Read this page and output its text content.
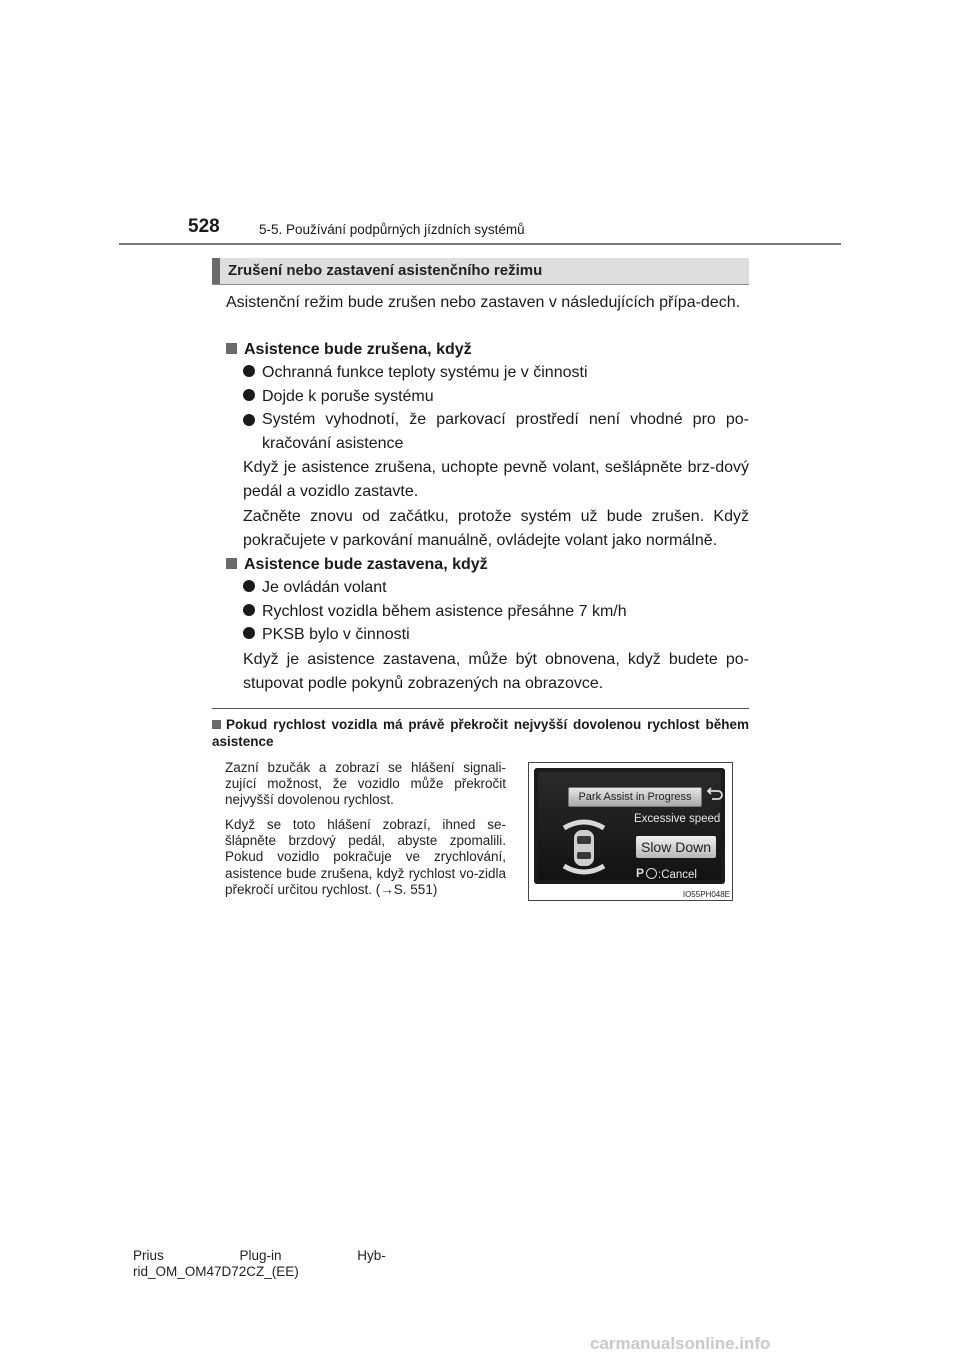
528	5-5. Používání podpůrných jízdních systémů
Zrušení nebo zastavení asistenčního režimu
Asistenční režim bude zrušen nebo zastaven v následujících přípa-dech.
Asistence bude zrušena, když
Ochranná funkce teploty systému je v činnosti
Dojde k poruše systému
Systém vyhodnotí, že parkovací prostředí není vhodné pro po-kračování asistence
Když je asistence zrušena, uchopte pevně volant, sešlápněte brz-dový pedál a vozidlo zastavte.
Začněte znovu od začátku, protože systém už bude zrušen. Když pokračujete v parkování manuálně, ovládejte volant jako normálně.
Asistence bude zastavena, když
Je ovládán volant
Rychlost vozidla během asistence přesáhne 7 km/h
PKSB bylo v činnosti
Když je asistence zastavena, může být obnovena, když budete po-stupovat podle pokynů zobrazených na obrazovce.
Pokud rychlost vozidla má právě překročit nejvyšší dovolenou rychlost během asistence
Zazní bzučák a zobrazí se hlášení signali-zující možnost, že vozidlo může překročit nejvyšší dovolenou rychlost.
Když se toto hlášení zobrazí, ihned se-šlápněte brzdový pedál, abyste zpomalili. Pokud vozidlo pokračuje ve zrychlování, asistence bude zrušena, když rychlost vo-zidla překročí určitou rychlost. (→S. 551)
Park Assist in Progress
Excessive speed
Slow Down
P	:Cancel
IO55PH048E
Prius Plug-in Hyb-
rid_OM_OM47D72CZ_(EE)
carmanualsonline.info
